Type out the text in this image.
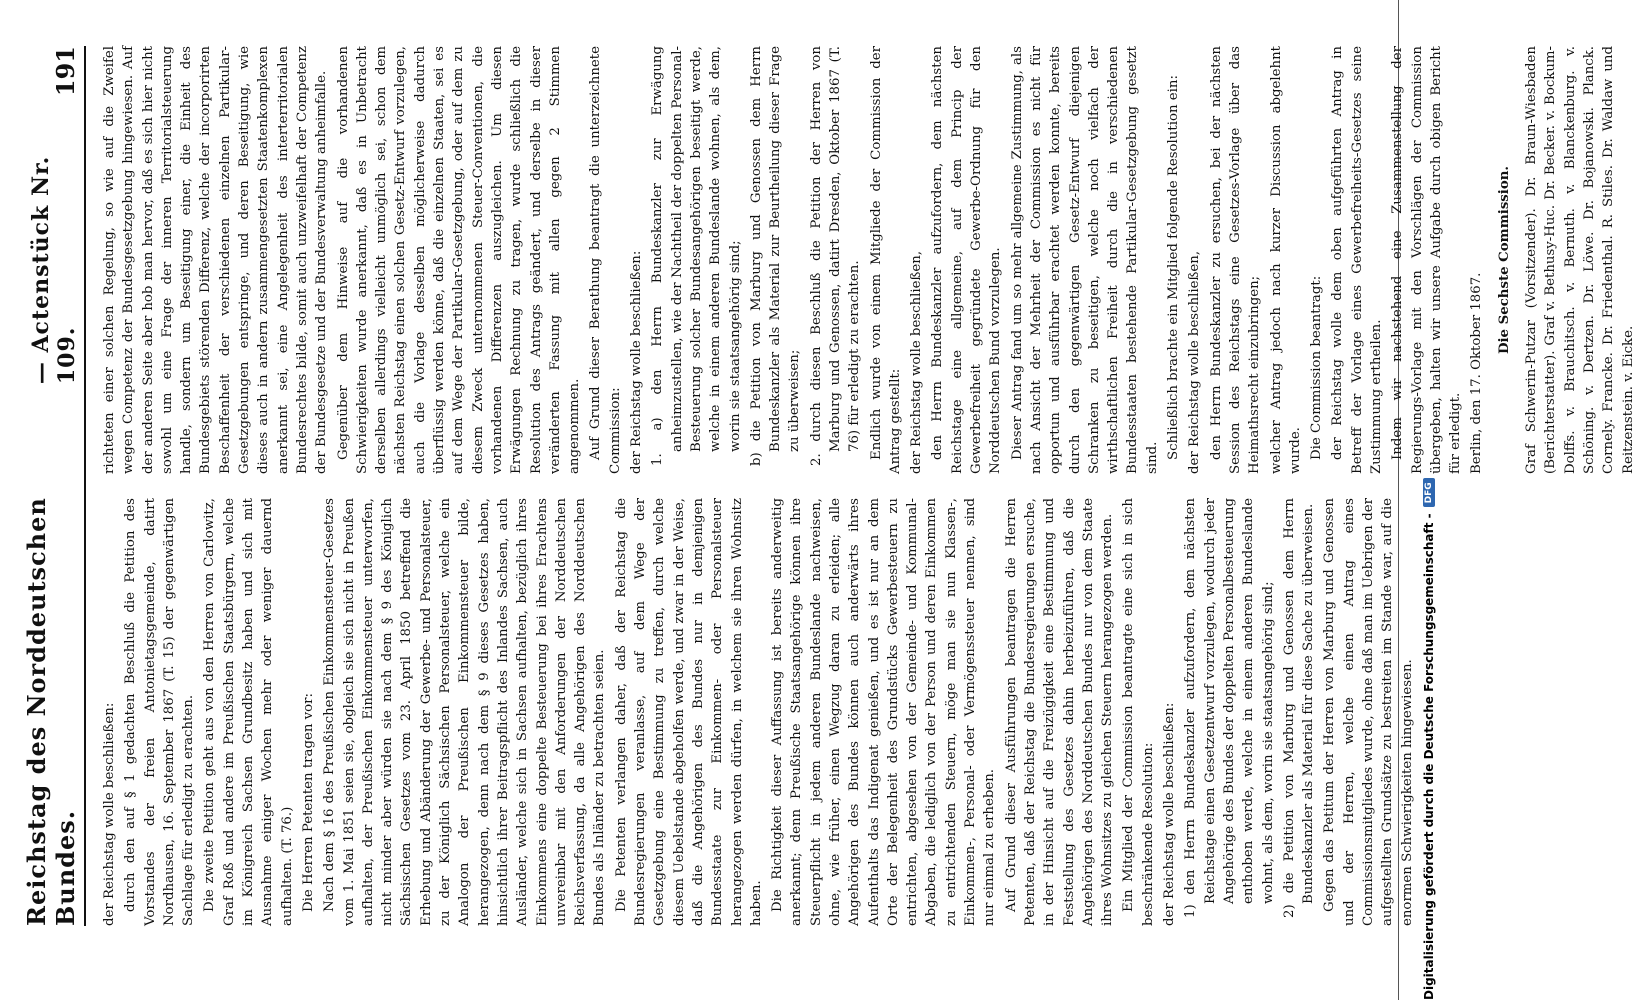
Reichstag des Norddeutschen Bundes.
— Actenstück Nr. 109.
191

der Reichstag wolle beschließen: durch den auf § 1 gedachten Beschluß die Petition des Vorstandes der freien Antonietagsgemeinde, datirt Nordhausen, 16. September 1867 (T. 15) der gegenwärtigen Sachlage für erledigt zu erachten. Die zweite Petition geht aus von den Herren von Carlowitz, Graf Roß und andere im Preußischen Staatsbürgern, welche im Königreich Sachsen Grundbesitz haben und sich mit Ausnahme einiger Wochen mehr oder weniger dauernd aufhalten. (T. 76.) Die Herren Petenten tragen vor: Nach dem § 16 des Preußischen Einkommensteuer-Gesetzes vom 1. Mai 1851 seien sie, obgleich sie sich nicht in Preußen aufhalten, der Preußischen Einkommensteuer unterworfen, nicht minder aber würden sie nach dem § 9 des Königlich Sächsischen Gesetzes vom 23. April 1850 betreffend die Erhebung und Abänderung der Gewerbe- und Personalsteuer, zu der Königlich Sächsischen Personalsteuer, welche ein Analogon der Preußischen Einkommensteuer bilde, herangezogen, denn nach dem § 9 dieses Gesetzes haben, hinsichtlich ihrer Beitragspflicht des Inlandes Sachsen, auch Ausländer, welche sich in Sachsen aufhalten, bezüglich ihres Einkommens eine doppelte Besteuerung bei ihres Erachtens unvereinbar mit den Anforderungen der Norddeutschen Reichsverfassung, da alle Angehörigen des Norddeutschen Bundes als Inländer zu betrachten seien. Die Petenten verlangen daher, daß der Reichstag die Bundesregierungen veranlasse, auf dem Wege der Gesetzgebung eine Bestimmung zu treffen, durch welche diesem Uebelstande abgeholfen werde, und zwar in der Weise, daß die Angehörigen des Bundes nur in demjenigen Bundesstaate zur Einkommen- oder Personalsteuer herangezogen werden dürfen, in welchem sie ihren Wohnsitz haben. Die Richtigkeit dieser Auffassung ist bereits anderweitig anerkannt; denn Preußische Staatsangehörige können ihre Steuerpflicht in jedem anderen Bundeslande nachweisen, ohne, wie früher, einen Wegzug daran zu erleiden; alle Angehörigen des Bundes können auch anderwärts ihres Aufenthalts das Indigenat genießen, und es ist nur an dem Orte der Belegenheit des Grundstücks Gewerbesteuern zu entrichten, abgesehen von der Gemeinde- und Kommunal-Abgaben, die lediglich von der Person und deren Einkommen zu entrichtenden Steuern, möge man sie nun Klassen-, Einkommen-, Personal- oder Vermögenssteuer nennen, sind nur einmal zu erheben. Auf Grund dieser Ausführungen beantragen die Herren Petenten, daß der Reichstag die Bundesregierungen ersuche, in der Hinsicht auf die Freizügigkeit eine Bestimmung und Feststellung des Gesetzes dahin herbeizuführen, daß die Angehörigen des Norddeutschen Bundes nur von dem Staate ihres Wohnsitzes zu gleichen Steuern herangezogen werden. Ein Mitglied der Commission beantragte eine sich in sich beschränkende Resolution: der Reichstag wolle beschließen: 1) den Herrn Bundeskanzler aufzufordern, dem nächsten Reichstage einen Gesetzentwurf vorzulegen, wodurch jeder Angehörige des Bundes der doppelten Personalbesteuerung enthoben werde, welche in einem anderen Bundeslande wohnt, als dem, worin sie staatsangehörig sind; 2) die Petition von Marburg und Genossen dem Herrn Bundeskanzler als Material für diese Sache zu überweisen. Gegen das Petitum der Herren von Marburg und Genossen und der Herren, welche einen Antrag eines Commissionsmitgliedes wurde, ohne daß man im Uebrigen der aufgestellten Grundsätze zu bestreiten im Stande war, auf die enormen Schwierigkeiten hingewiesen.

richteten einer solchen Regelung, so wie auf die Zweifel wegen Competenz der Bundesgesetzgebung hingewiesen. Auf der anderen Seite aber hob man hervor, daß es sich hier nicht sowohl um eine Frage der inneren Territorialsteuerung handle, sondern um Beseitigung einer, die Einheit des Bundesgebiets störenden Differenz, welche der incorporirten Beschaffenheit der verschiedenen einzelnen Partikular-Gesetzgebungen entspringe, und deren Beseitigung, wie dieses auch in andern zusammengesetzten Staatenkomplexen anerkannt sei, eine Angelegenheit des interterritorialen Bundesrechtes bilde, somit auch unzweifelhaft der Competenz der Bundesgesetze und der Bundesverwaltung anheimfalle. Gegenüber dem Hinweise auf die vorhandenen Schwierigkeiten wurde anerkannt, daß es in Unbetracht derselben allerdings vielleicht unmöglich sei, schon dem nächsten Reichstag einen solchen Gesetz-Entwurf vorzulegen, auch die Vorlage desselben möglicherweise dadurch überflüssig werden könne, daß die einzelnen Staaten, sei es auf dem Wege der Partikular-Gesetzgebung, oder auf dem zu diesem Zweck unternommenen Steuer-Conventionen, die vorhandenen Differenzen auszugleichen. Um diesen Erwägungen Rechnung zu tragen, wurde schließlich die Resolution des Antrags geändert, und derselbe in dieser veränderten Fassung mit allen gegen 2 Stimmen angenommen. Auf Grund dieser Berathung beantragt die unterzeichnete Commission: der Reichstag wolle beschließen: 1. a) den Herrn Bundeskanzler zur Erwägung anheimzustellen, wie der Nachtheil der doppelten Personal-Besteuerung solcher Bundesangehörigen beseitigt werde, welche in einem anderen Bundeslande wohnen, als dem, worin sie staatsangehörig sind; b) die Petition von Marburg und Genossen dem Herrn Bundeskanzler als Material zur Beurtheilung dieser Frage zu überweisen; 2. durch diesen Beschluß die Petition der Herren von Marburg und Genossen, datirt Dresden, Oktober 1867 (T. 76) für erledigt zu erachten. Endlich wurde von einem Mitgliede der Commission der Antrag gestellt: der Reichstag wolle beschließen, den Herrn Bundeskanzler aufzufordern, dem nächsten Reichstage eine allgemeine, auf dem Princip der Gewerbefreiheit gegründete Gewerbe-Ordnung für den Norddeutschen Bund vorzulegen. Dieser Antrag fand um so mehr allgemeine Zustimmung, als nach Ansicht der Mehrheit der Commission es nicht für opportun und ausführbar erachtet werden konnte, bereits durch den gegenwärtigen Gesetz-Entwurf diejenigen Schranken zu beseitigen, welche noch vielfach der wirthschaftlichen Freiheit durch die in verschiedenen Bundesstaaten bestehende Partikular-Gesetzgebung gesetzt sind. Schließlich brachte ein Mitglied folgende Resolution ein: der Reichstag wolle beschließen, den Herrn Bundeskanzler zu ersuchen, bei der nächsten Session des Reichstags eine Gesetzes-Vorlage über das Heimathsrecht einzubringen; welcher Antrag jedoch nach kurzer Discussion abgelehnt wurde. Die Commission beantragt: der Reichstag wolle dem oben aufgeführten Antrag in Betreff der Vorlage eines Gewerbefreiheits-Gesetzes seine Zustimmung ertheilen. Indem wir nachstehend eine Zusammenstellung der Regierungs-Vorlage mit den Vorschlägen der Commission übergeben, halten wir unsere Aufgabe durch obigen Bericht für erledigt. Berlin, den 17. Oktober 1867.

Die Sechste Commission. Graf Schwerin-Putzar (Vorsitzender). Dr. Braun-Wiesbaden (Berichterstatter). Graf v. Bethusy-Huc. Dr. Becker. v. Bockum-Dolffs. v. Brauchitsch. v. Bernuth. v. Blanckenburg. v. Schöning. v. Dertzen. Dr. Löwe. Dr. Bojanowski. Planck. Cornely. Francke. Dr. Friedenthal. R. Stiles. Dr. Waldaw und Reitzenstein. v. Eicke.

Digitalisierung gefördert durch die Deutsche Forschungsgemeinschaft -
DFG
